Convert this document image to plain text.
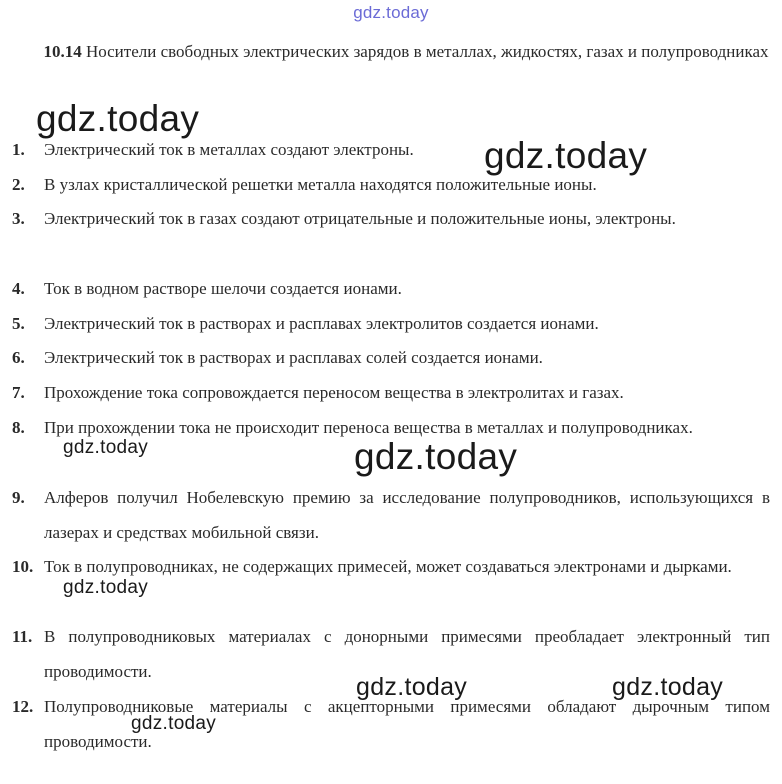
gdz.today
10.14 Носители свободных электрических зарядов в металлах, жидкостях, газах и полупроводниках
1.	Электрический ток в металлах создают электроны.
2.	В узлах кристаллической решетки металла находятся положительные ионы.
3.	Электрический ток в газах создают отрицательные и положительные ионы, электроны.
4.	Ток в водном растворе шелочи создается ионами.
5.	Электрический ток в растворах и расплавах электролитов создается ионами.
6.	Электрический ток в растворах и расплавах солей создается ионами.
7.	Прохождение тока сопровождается переносом вещества в электролитах и газах.
8.	При прохождении тока не происходит переноса вещества в металлах и полупроводниках.
9.	Алферов получил Нобелевскую премию за исследование полупроводников, использующихся в лазерах и средствах мобильной связи.
10. Ток в полупроводниках, не содержащих примесей, может создаваться электронами и дырками.
11. В полупроводниковых материалах с донорными примесями преобладает электронный тип проводимости.
12. Полупроводниковые материалы с акцепторными примесями обладают дырочным типом проводимости.
gdz.today
gdz.today
gdz.today
gdz.today
gdz.today
gdz.today	gdz.today
gdz.today
